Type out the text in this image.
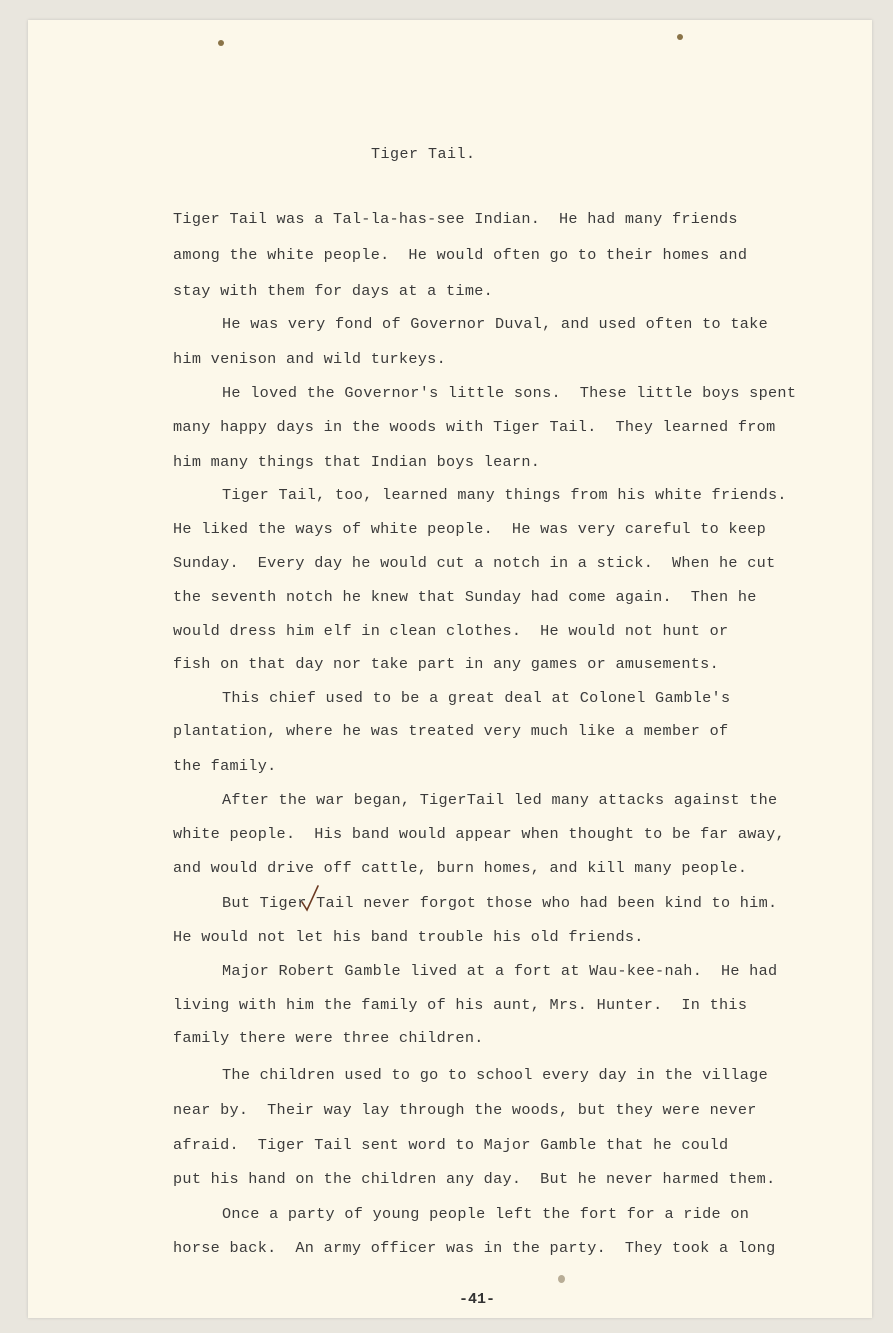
Tiger Tail.
Tiger Tail was a Tal-la-has-see Indian.  He had many friends
among the white people.  He would often go to their homes and
stay with them for days at a time.
He was very fond of Governor Duval, and used often to take
him venison and wild turkeys.
He loved the Governor's little sons.  These little boys spent
many happy days in the woods with Tiger Tail.  They learned from
him many things that Indian boys learn.
Tiger Tail, too, learned many things from his white friends.
He liked the ways of white people.  He was very careful to keep
Sunday.  Every day he would cut a notch in a stick.  When he cut
the seventh notch he knew that Sunday had come again.  Then he
would dress him elf in clean clothes.  He would not hunt or
fish on that day nor take part in any games or amusements.
This chief used to be a great deal at Colonel Gamble's
plantation, where he was treated very much like a member of
the family.
After the war began, TigerTail led many attacks against the
white people.  His band would appear when thought to be far away,
and would drive off cattle, burn homes, and kill many people.
But Tiger Tail never forgot those who had been kind to him.
He would not let his band trouble his old friends.
Major Robert Gamble lived at a fort at Wau-kee-nah.  He had
living with him the family of his aunt, Mrs. Hunter.  In this
family there were three children.
The children used to go to school every day in the village
near by.  Their way lay through the woods, but they were never
afraid.  Tiger Tail sent word to Major Gamble that he could
put his hand on the children any day.  But he never harmed them.
Once a party of young people left the fort for a ride on
horse back.  An army officer was in the party.  They took a long
-41-
